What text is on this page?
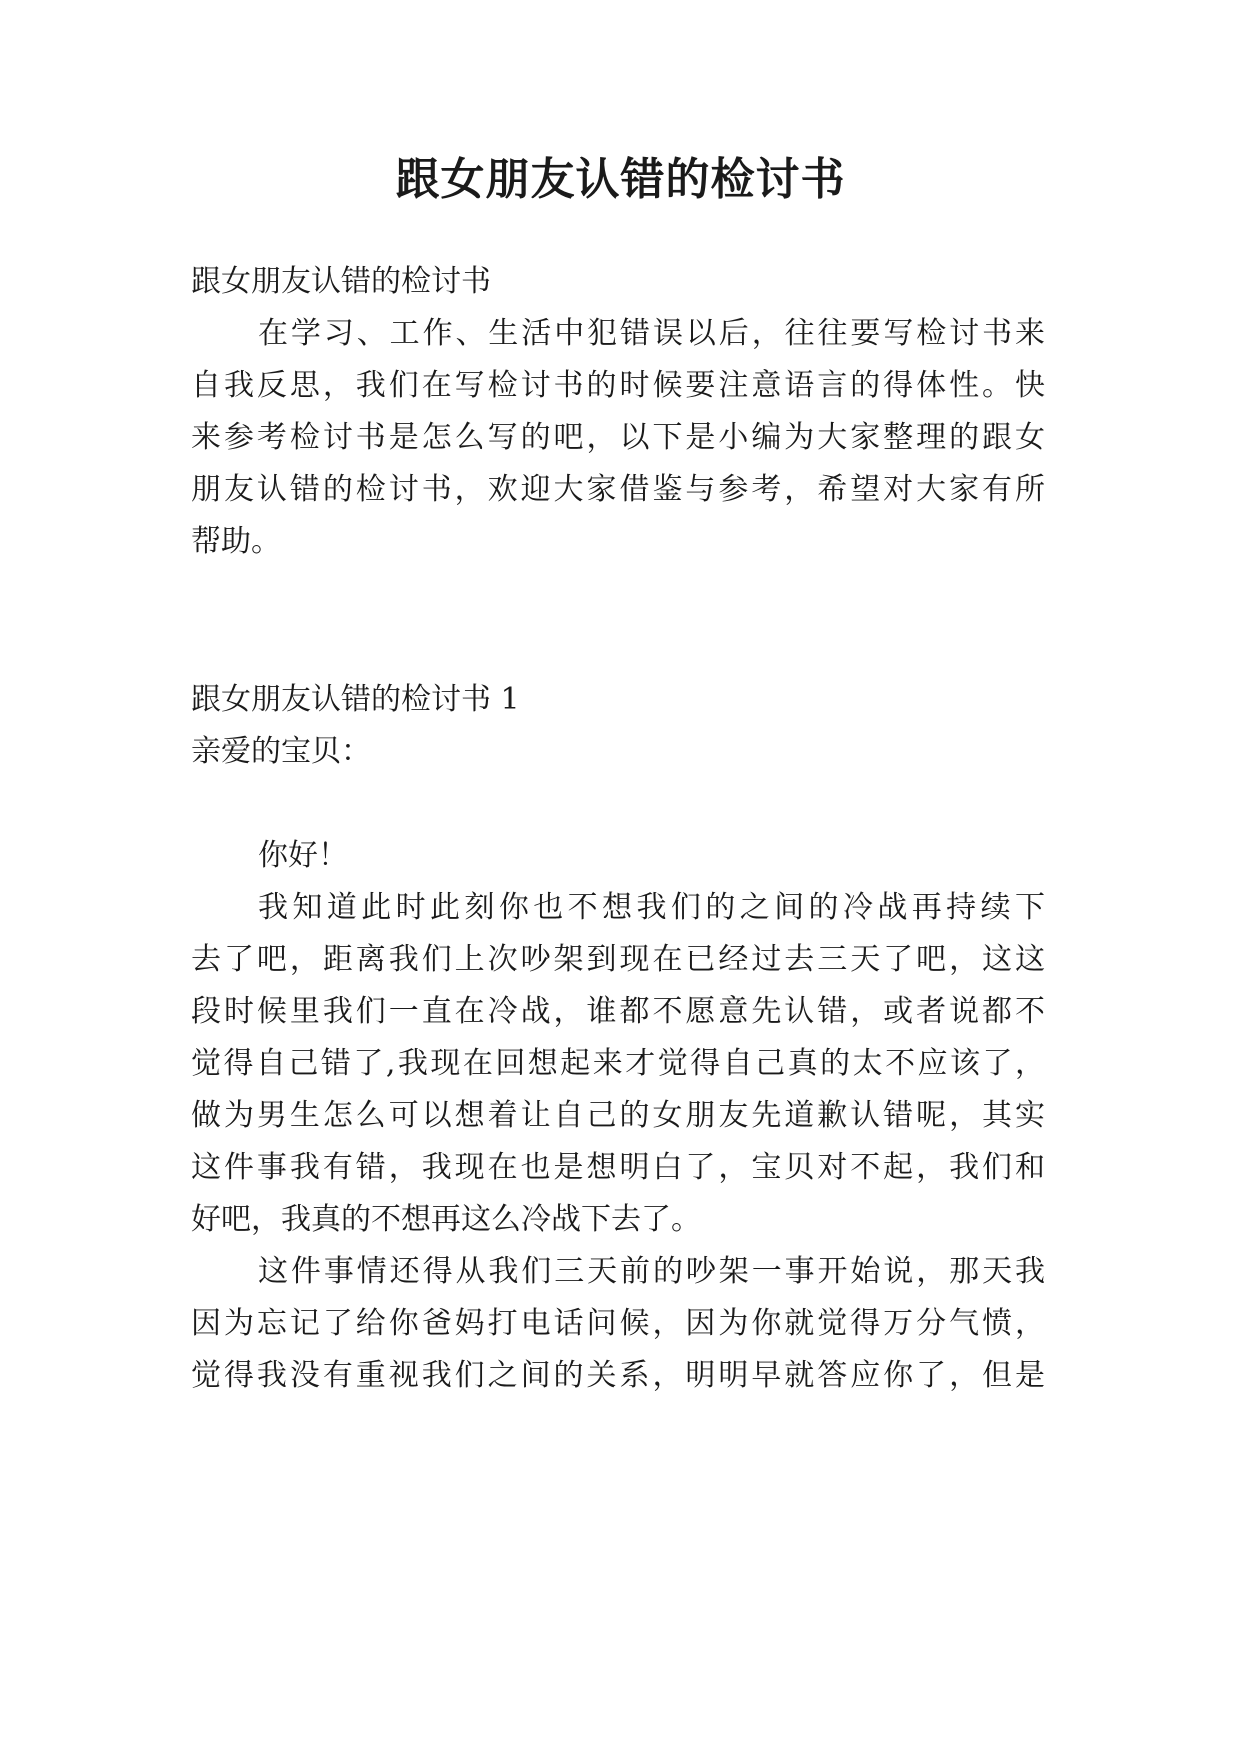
跟女朋友认错的检讨书

跟女朋友认错的检讨书

在学习、工作、生活中犯错误以后，往往要写检讨书来

自我反思，我们在写检讨书的时候要注意语言的得体性。快

来参考检讨书是怎么写的吧，以下是小编为大家整理的跟女

朋友认错的检讨书，欢迎大家借鉴与参考，希望对大家有所

帮助。

跟女朋友认错的检讨书 1

亲爱的宝贝：

你好！

我知道此时此刻你也不想我们的之间的冷战再持续下

去了吧，距离我们上次吵架到现在已经过去三天了吧，这这

段时候里我们一直在冷战，谁都不愿意先认错，或者说都不

觉得自己错了,我现在回想起来才觉得自己真的太不应该了，

做为男生怎么可以想着让自己的女朋友先道歉认错呢，其实

这件事我有错，我现在也是想明白了，宝贝对不起，我们和

好吧，我真的不想再这么冷战下去了。

这件事情还得从我们三天前的吵架一事开始说，那天我

因为忘记了给你爸妈打电话问候，因为你就觉得万分气愤，

觉得我没有重视我们之间的关系，明明早就答应你了，但是
